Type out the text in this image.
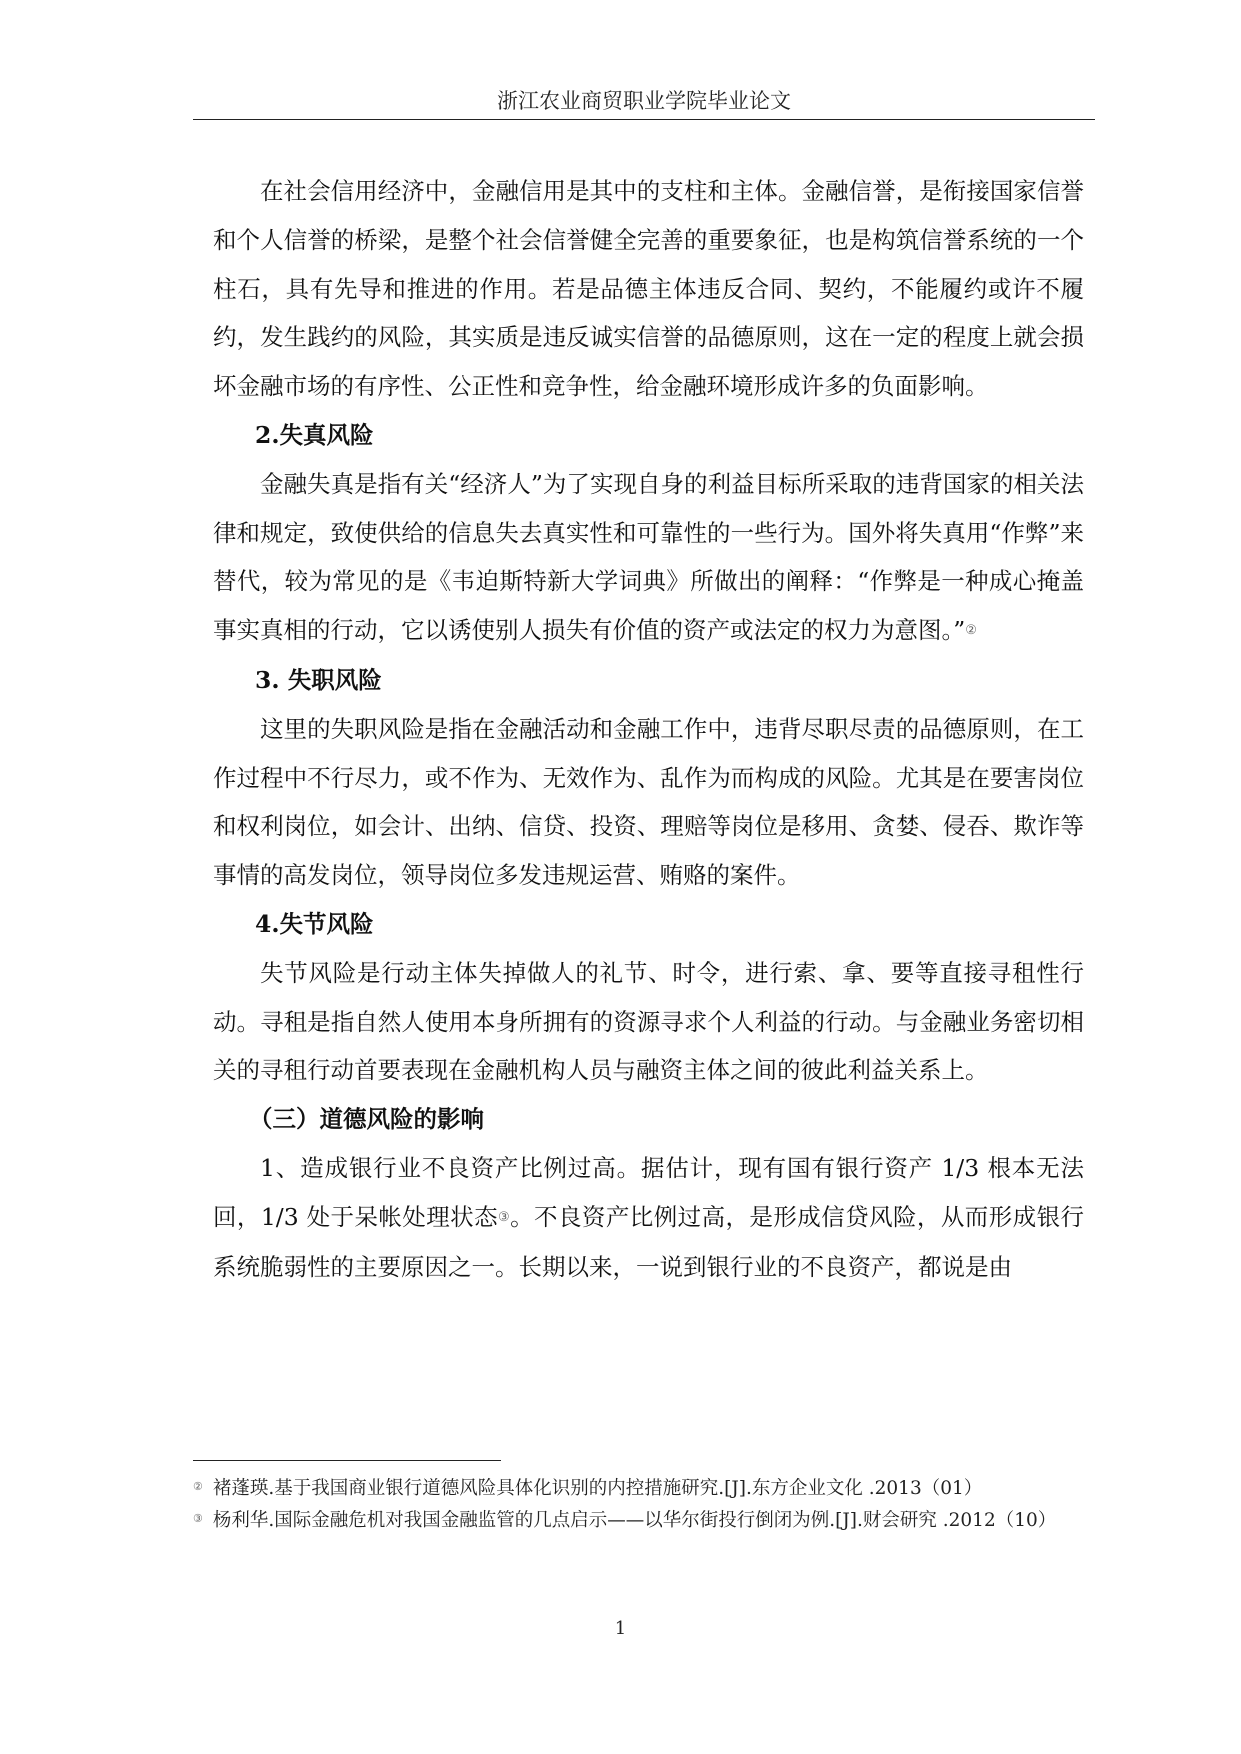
浙江农业商贸职业学院毕业论文

在社会信用经济中，金融信用是其中的支柱和主体。金融信誉，是衔接国家信誉和个人信誉的桥梁，是整个社会信誉健全完善的重要象征，也是构筑信誉系统的一个柱石，具有先导和推进的作用。若是品德主体违反合同、契约，不能履约或许不履约，发生践约的风险，其实质是违反诚实信誉的品德原则，这在一定的程度上就会损坏金融市场的有序性、公正性和竞争性，给金融环境形成许多的负面影响。

2.失真风险

金融失真是指有关“经济人”为了实现自身的利益目标所采取的违背国家的相关法律和规定，致使供给的信息失去真实性和可靠性的一些行为。国外将失真用“作弊”来替代，较为常见的是《韦迫斯特新大学词典》所做出的阐释：“作弊是一种成心掩盖事实真相的行动，它以诱使别人损失有价值的资产或法定的权力为意图。”②

3. 失职风险

这里的失职风险是指在金融活动和金融工作中，违背尽职尽责的品德原则，在工作过程中不行尽力，或不作为、无效作为、乱作为而构成的风险。尤其是在要害岗位和权利岗位，如会计、出纳、信贷、投资、理赔等岗位是移用、贪婪、侵吞、欺诈等事情的高发岗位，领导岗位多发违规运营、贿赂的案件。

4.失节风险

失节风险是行动主体失掉做人的礼节、时令，进行索、拿、要等直接寻租性行动。寻租是指自然人使用本身所拥有的资源寻求个人利益的行动。与金融业务密切相关的寻租行动首要表现在金融机构人员与融资主体之间的彼此利益关系上。

（三）道德风险的影响

1、造成银行业不良资产比例过高。据估计，现有国有银行资产 1/3 根本无法回，1/3 处于呆帐处理状态③。不良资产比例过高，是形成信贷风险，从而形成银行系统脆弱性的主要原因之一。长期以来，一说到银行业的不良资产，都说是由

② 褚蓬瑛.基于我国商业银行道德风险具体化识别的内控措施研究.[J].东方企业文化 .2013（01）

③ 杨利华.国际金融危机对我国金融监管的几点启示——以华尔街投行倒闭为例.[J].财会研究 .2012（10）

1
